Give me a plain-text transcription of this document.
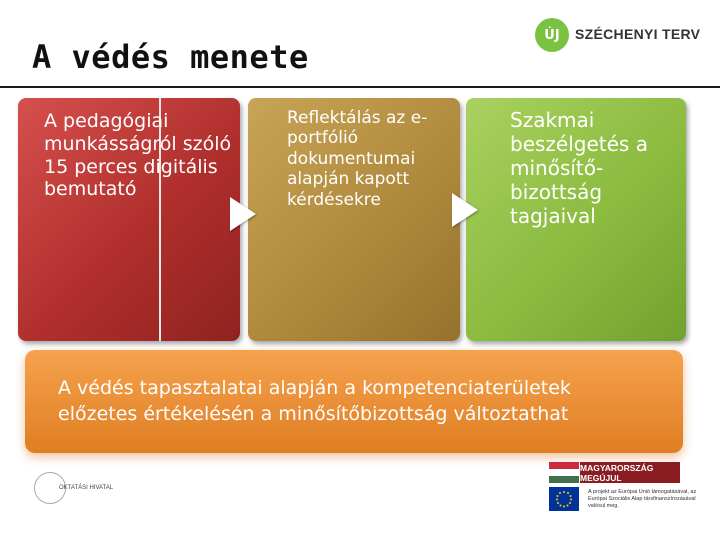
A védés menete
ÚJ	SZÉCHENYI TERV
A pedagógiai munkásságról szóló 15 perces digitális bemutató
Reflektálás az e-portfólió dokumentumai alapján kapott kérdésekre
Szakmai beszélgetés a minősítő-bizottság tagjaival
A védés tapasztalatai alapján a kompetenciaterületek
előzetes értékelésén a minősítőbizottság változtathat
OKTATÁSI HIVATAL
MAGYARORSZÁG MEGÚJUL
A projekt az Európai Unió támogatásával, az Európai Szociális Alap társfinanszírozásával valósul meg.
